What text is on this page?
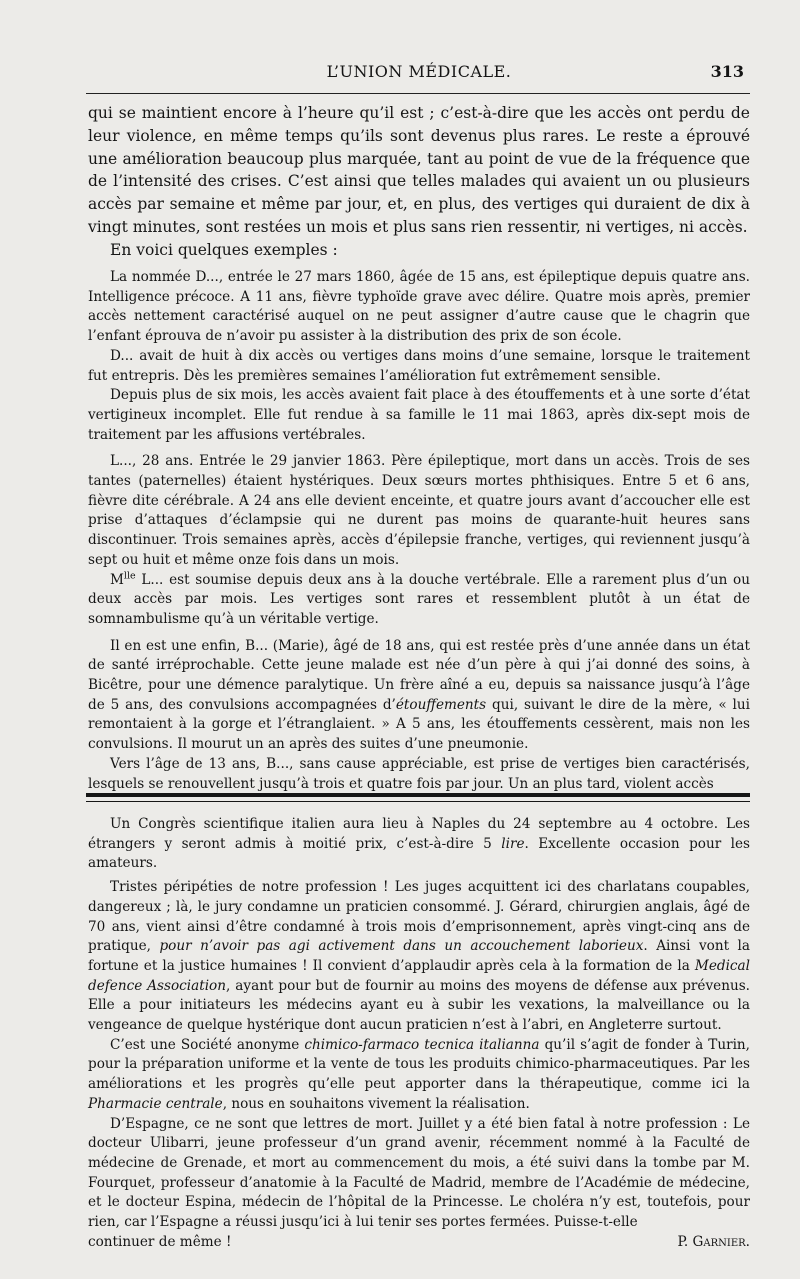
L’UNION MÉDICALE.	313

qui se maintient encore à l’heure qu’il est ; c’est-à-dire que les accès ont perdu de leur violence, en même temps qu’ils sont devenus plus rares. Le reste a éprouvé une amélioration beaucoup plus marquée, tant au point de vue de la fréquence que de l’intensité des crises. C’est ainsi que telles malades qui avaient un ou plusieurs accès par semaine et même par jour, et, en plus, des vertiges qui duraient de dix à vingt minutes, sont restées un mois et plus sans rien ressentir, ni vertiges, ni accès.

En voici quelques exemples :

La nommée D..., entrée le 27 mars 1860, âgée de 15 ans, est épileptique depuis quatre ans. Intelligence précoce. A 11 ans, fièvre typhoïde grave avec délire. Quatre mois après, premier accès nettement caractérisé auquel on ne peut assigner d’autre cause que le chagrin que l’enfant éprouva de n’avoir pu assister à la distribution des prix de son école.

D... avait de huit à dix accès ou vertiges dans moins d’une semaine, lorsque le traitement fut entrepris. Dès les premières semaines l’amélioration fut extrêmement sensible.

Depuis plus de six mois, les accès avaient fait place à des étouffements et à une sorte d’état vertigineux incomplet. Elle fut rendue à sa famille le 11 mai 1863, après dix-sept mois de traitement par les affusions vertébrales.

L..., 28 ans. Entrée le 29 janvier 1863. Père épileptique, mort dans un accès. Trois de ses tantes (paternelles) étaient hystériques. Deux sœurs mortes phthisiques. Entre 5 et 6 ans, fièvre dite cérébrale. A 24 ans elle devient enceinte, et quatre jours avant d’accoucher elle est prise d’attaques d’éclampsie qui ne durent pas moins de quarante-huit heures sans discontinuer. Trois semaines après, accès d’épilepsie franche, vertiges, qui reviennent jusqu’à sept ou huit et même onze fois dans un mois.

$M^{lle}$ L... est soumise depuis deux ans à la douche vertébrale. Elle a rarement plus d’un ou deux accès par mois. Les vertiges sont rares et ressemblent plutôt à un état de somnambulisme qu’à un véritable vertige.

Il en est une enfin, B... (Marie), âgé de 18 ans, qui est restée près d’une année dans un état de santé irréprochable. Cette jeune malade est née d’un père à qui j’ai donné des soins, à Bicêtre, pour une démence paralytique. Un frère aîné a eu, depuis sa naissance jusqu’à l’âge de 5 ans, des convulsions accompagnées d’étouffements qui, suivant le dire de la mère, « lui remontaient à la gorge et l’étranglaient. » A 5 ans, les étouffements cessèrent, mais non les convulsions. Il mourut un an après des suites d’une pneumonie.

Vers l’âge de 13 ans, B..., sans cause appréciable, est prise de vertiges bien caractérisés, lesquels se renouvellent jusqu’à trois et quatre fois par jour. Un an plus tard, violent accès

Un Congrès scientifique italien aura lieu à Naples du 24 septembre au 4 octobre. Les étrangers y seront admis à moitié prix, c’est-à-dire 5 lire. Excellente occasion pour les amateurs.

Tristes péripéties de notre profession ! Les juges acquittent ici des charlatans coupables, dangereux ; là, le jury condamne un praticien consommé. J. Gérard, chirurgien anglais, âgé de 70 ans, vient ainsi d’être condamné à trois mois d’emprisonnement, après vingt-cinq ans de pratique, pour n’avoir pas agi activement dans un accouchement laborieux. Ainsi vont la fortune et la justice humaines ! Il convient d’applaudir après cela à la formation de la Medical defence Association, ayant pour but de fournir au moins des moyens de défense aux prévenus. Elle a pour initiateurs les médecins ayant eu à subir les vexations, la malveillance ou la vengeance de quelque hystérique dont aucun praticien n’est à l’abri, en Angleterre surtout.

C’est une Société anonyme chimico-farmaco tecnica italianna qu’il s’agit de fonder à Turin, pour la préparation uniforme et la vente de tous les produits chimico-pharmaceutiques. Par les améliorations et les progrès qu’elle peut apporter dans la thérapeutique, comme ici la Pharmacie centrale, nous en souhaitons vivement la réalisation.

D’Espagne, ce ne sont que lettres de mort. Juillet y a été bien fatal à notre profession : Le docteur Ulibarri, jeune professeur d’un grand avenir, récemment nommé à la Faculté de médecine de Grenade, et mort au commencement du mois, a été suivi dans la tombe par M. Fourquet, professeur d’anatomie à la Faculté de Madrid, membre de l’Académie de médecine, et le docteur Espina, médecin de l’hôpital de la Princesse. Le choléra n’y est, toutefois, pour rien, car l’Espagne a réussi jusqu’ici à lui tenir ses portes fermées. Puisse-t-elle

continuer de même !	P. Garnier.
